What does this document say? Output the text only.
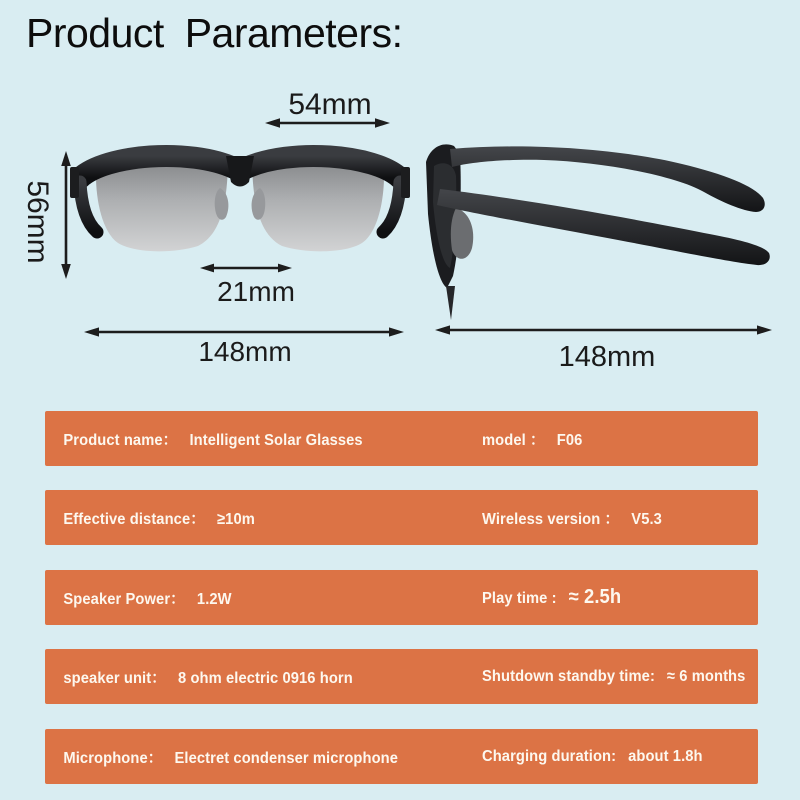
Product Parameters:
54mm
56mm
21mm
148mm	148mm
Product name： Intelligent Solar Glasses	model ： F06
Effective distance： ≥10m	Wireless version ： V5.3
Speaker Power： 1.2W	Play time : ≈ 2.5h
speaker unit： 8 ohm electric 0916 horn	Shutdown standby time: ≈ 6 months
Microphone： Electret condenser microphone	Charging duration: about 1.8h
